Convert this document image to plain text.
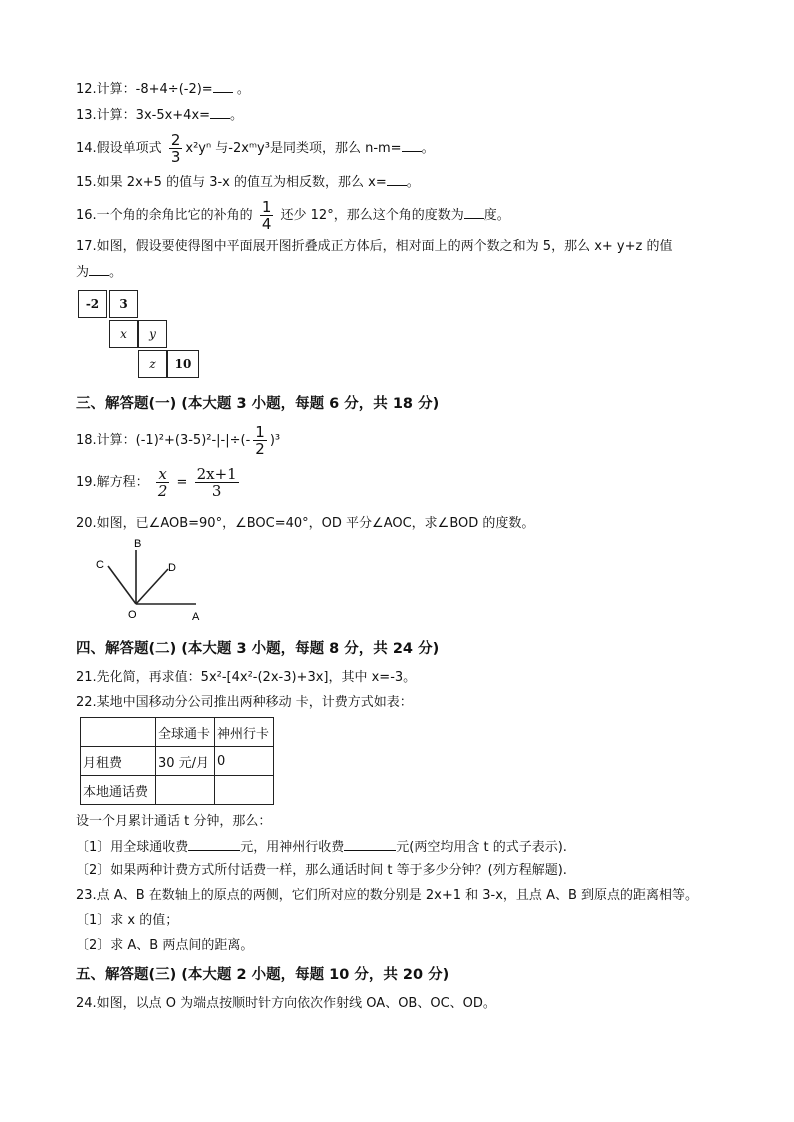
12.计算：-8+4÷(-2)= 。
13.计算：3x-5x+4x= 。
14.假设单项式 $\frac{2}{3} x^2y^n$ 与-2xᵐy³是同类项，那么 n-m= 。
15.如果 2x+5 的值与 3-x 的值互为相反数，那么 x= 。
16.一个角的余角比它的补角的 $\frac{1}{4}$ 还少 12°，那么这个角的度数为 度。
17.如图，假设要使得图中平面展开图折叠成正方体后，相对面上的两个数之和为 5，那么 x+ y+z 的值
为 。
-2	3
x	y
z	10
三、解答题(一) (本大题 3 小题，每题 6 分，共 18 分)
18.计算：$(-1)^2+(3-5)^2-|-|\div(- \frac{1}{2} )^3$
19.解方程： $\frac{x}{2} = \frac{2x+1}{3}$
20.如图，已∠AOB=90°，∠BOC=40°，OD 平分∠AOC，求∠BOD 的度数。
B
C	D
O	A
四、解答题(二) (本大题 3 小题，每题 8 分，共 24 分)
21.先化简，再求值：5x²-[4x²-(2x-3)+3x]，其中 x=-3。
22.某地中国移动分公司推出两种移动 卡，计费方式如表：
	全球通卡	神州行卡
月租费	30 元/月	0
本地通话费		
设一个月累计通话 t 分钟，那么：
〔1〕用全球通收费	元，用神州行收费	元(两空均用含 t 的式子表示).
〔2〕如果两种计费方式所付话费一样，那么通话时间 t 等于多少分钟？(列方程解题).
23.点 A、B 在数轴上的原点的两侧，它们所对应的数分别是 2x+1 和 3-x，且点 A、B 到原点的距离相等。
〔1〕求 x 的值；
〔2〕求 A、B 两点间的距离。
五、解答题(三) (本大题 2 小题，每题 10 分，共 20 分)
24.如图，以点 O 为端点按顺时针方向依次作射线 OA、OB、OC、OD。
